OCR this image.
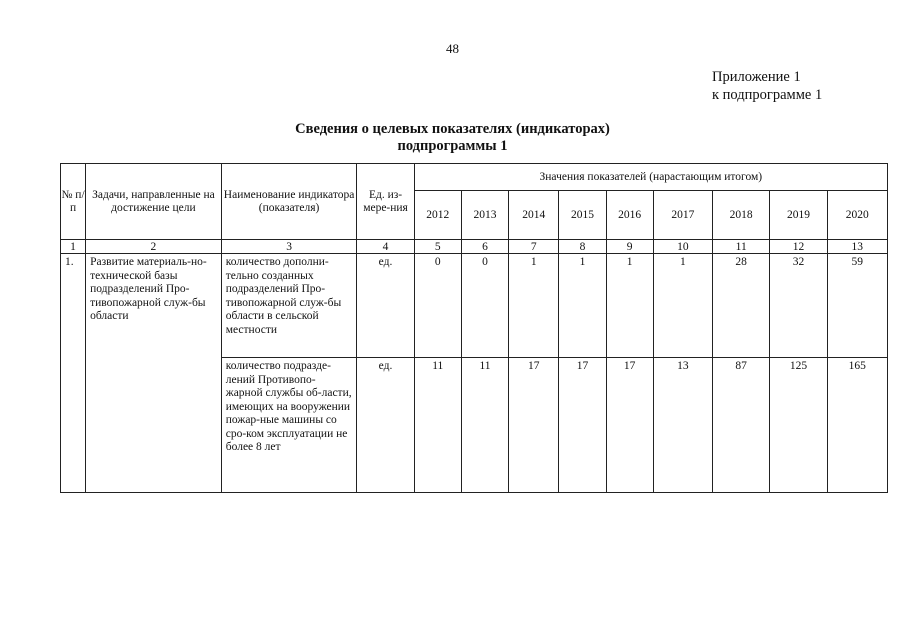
48
Приложение 1
к подпрограмме 1
Сведения о целевых показателях (индикаторах)
подпрограммы 1
№ п/п	Задачи, направленные на достижение цели	Наименование индикатора (показателя)	Ед. из-мере-ния	Значения показателей (нарастающим итогом)								
				2012	2013	2014	2015	2016	2017	2018	2019	2020
1	2	3	4	5	6	7	8	9	10	11	12	13
1.	Развитие материаль-но-технической базы подразделений Про-тивопожарной служ-бы области	количество дополни-тельно созданных подразделений Про-тивопожарной служ-бы области в сельской местности	ед.	0	0	1	1	1	1	28	32	59
		количество подразде-лений Противопо-жарной службы об-ласти, имеющих на вооружении пожар-ные машины со сро-ком эксплуатации не более 8 лет	ед.	11	11	17	17	17	13	87	125	165
